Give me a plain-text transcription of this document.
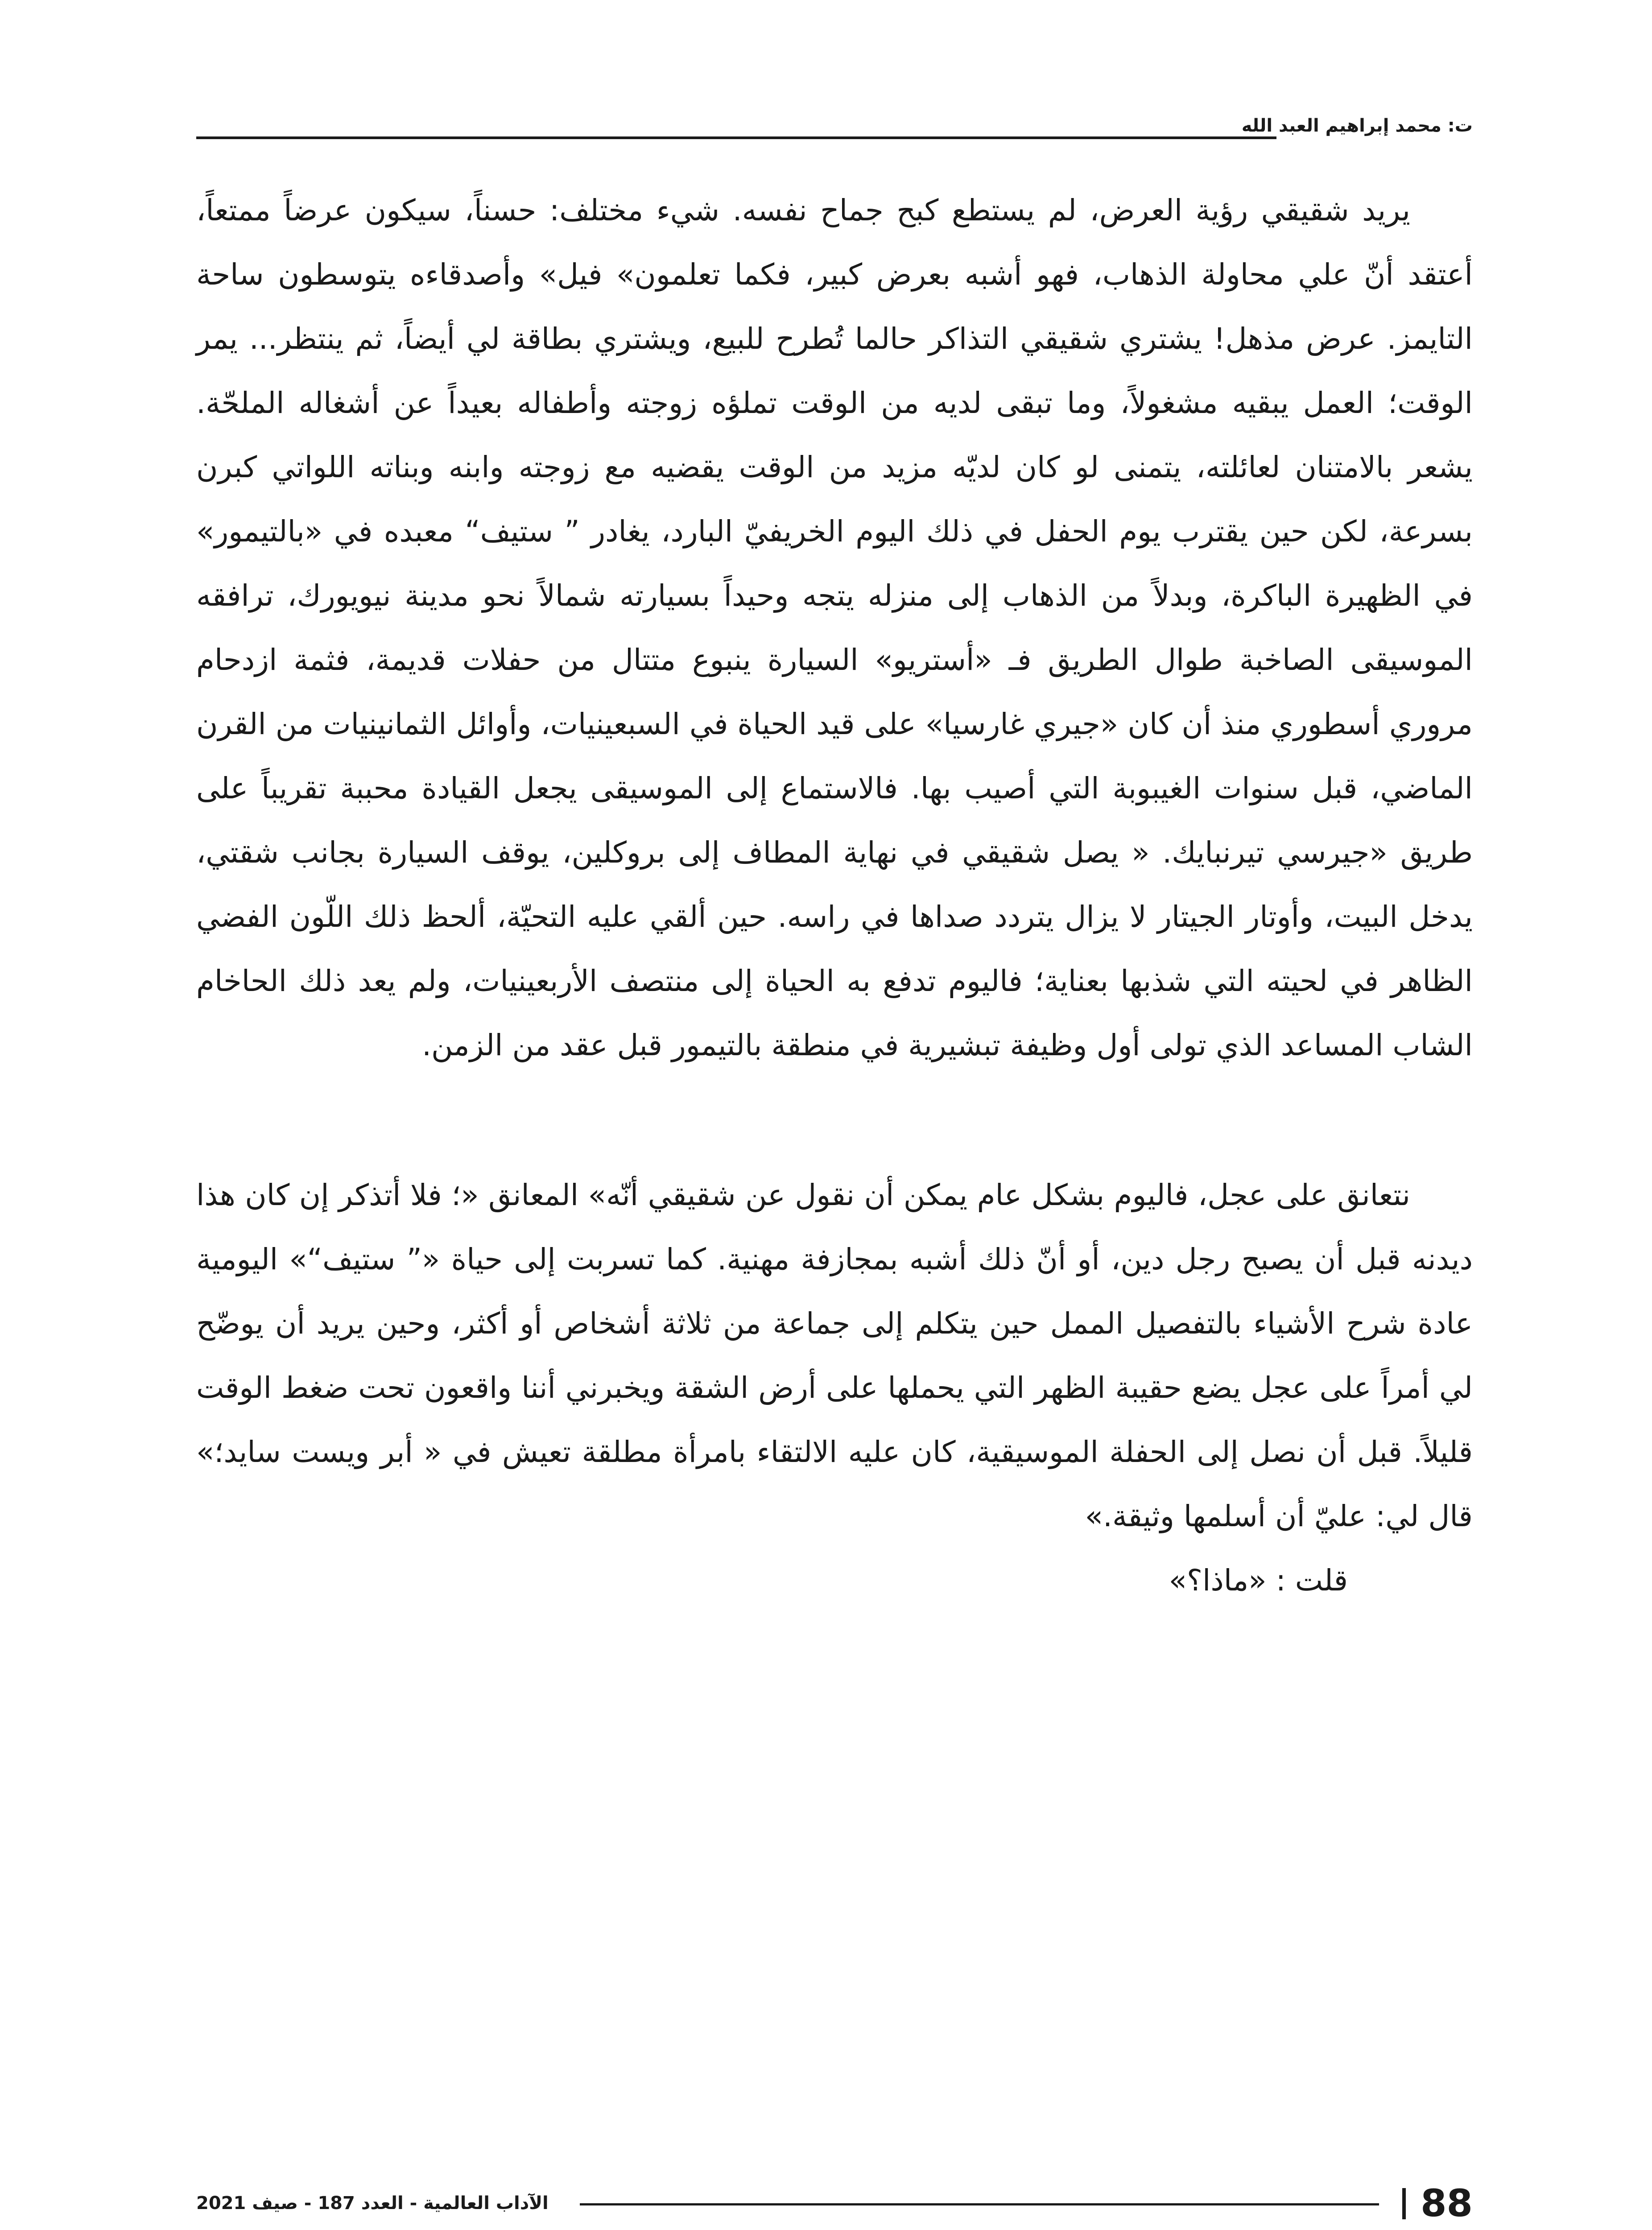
ت: محمد إبراهيم العبد الله

يريد شقيقي رؤية العرض، لم يستطع كبح جماح نفسه. شيء مختلف: حسناً، سيكون عرضاً ممتعاً، أعتقد أنّ علي محاولة الذهاب، فهو أشبه بعرض كبير، فكما تعلمون» فيل» وأصدقاءه يتوسطون ساحة التايمز. عرض مذهل! يشتري شقيقي التذاكر حالما تُطرح للبيع، ويشتري بطاقة لي أيضاً، ثم ينتظر... يمر الوقت؛ العمل يبقيه مشغولاً، وما تبقى لديه من الوقت تملؤه زوجته وأطفاله بعيداً عن أشغاله الملحّة. يشعر بالامتنان لعائلته، يتمنى لو كان لديّه مزيد من الوقت يقضيه مع زوجته وابنه وبناته اللواتي كبرن بسرعة، لكن حين يقترب يوم الحفل في ذلك اليوم الخريفيّ البارد، يغادر ” ستيف“ معبده في «بالتيمور» في الظهيرة الباكرة، وبدلاً من الذهاب إلى منزله يتجه وحيداً بسيارته شمالاً نحو مدينة نيويورك، ترافقه الموسيقى الصاخبة طوال الطريق فـ «أستريو» السيارة ينبوع متتال من حفلات قديمة، فثمة ازدحام مروري أسطوري منذ أن كان «جيري غارسيا» على قيد الحياة في السبعينيات، وأوائل الثمانينيات من القرن الماضي، قبل سنوات الغيبوبة التي أصيب بها. فالاستماع إلى الموسيقى يجعل القيادة محببة تقريباً على طريق «جيرسي تيرنبايك. « يصل شقيقي في نهاية المطاف إلى بروكلين، يوقف السيارة بجانب شقتي، يدخل البيت، وأوتار الجيتار لا يزال يتردد صداها في راسه. حين ألقي عليه التحيّة، ألحظ ذلك اللّون الفضي الظاهر في لحيته التي شذبها بعناية؛ فاليوم تدفع به الحياة إلى منتصف الأربعينيات، ولم يعد ذلك الحاخام الشاب المساعد الذي تولى أول وظيفة تبشيرية في منطقة بالتيمور قبل عقد من الزمن.

نتعانق على عجل، فاليوم بشكل عام يمكن أن نقول عن شقيقي أنّه» المعانق «؛ فلا أتذكر إن كان هذا ديدنه قبل أن يصبح رجل دين، أو أنّ ذلك أشبه بمجازفة مهنية. كما تسربت إلى حياة «” ستيف“» اليومية عادة شرح الأشياء بالتفصيل الممل حين يتكلم إلى جماعة من ثلاثة أشخاص أو أكثر، وحين يريد أن يوضّح لي أمراً على عجل يضع حقيبة الظهر التي يحملها على أرض الشقة ويخبرني أننا واقعون تحت ضغط الوقت قليلاً. قبل أن نصل إلى الحفلة الموسيقية، كان عليه الالتقاء بامرأة مطلقة تعيش في « أبر ويست سايد؛» قال لي: عليّ أن أسلمها وثيقة.»

قلت : «ماذا؟»

88
الآداب العالمية - العدد 187 - صيف 2021
